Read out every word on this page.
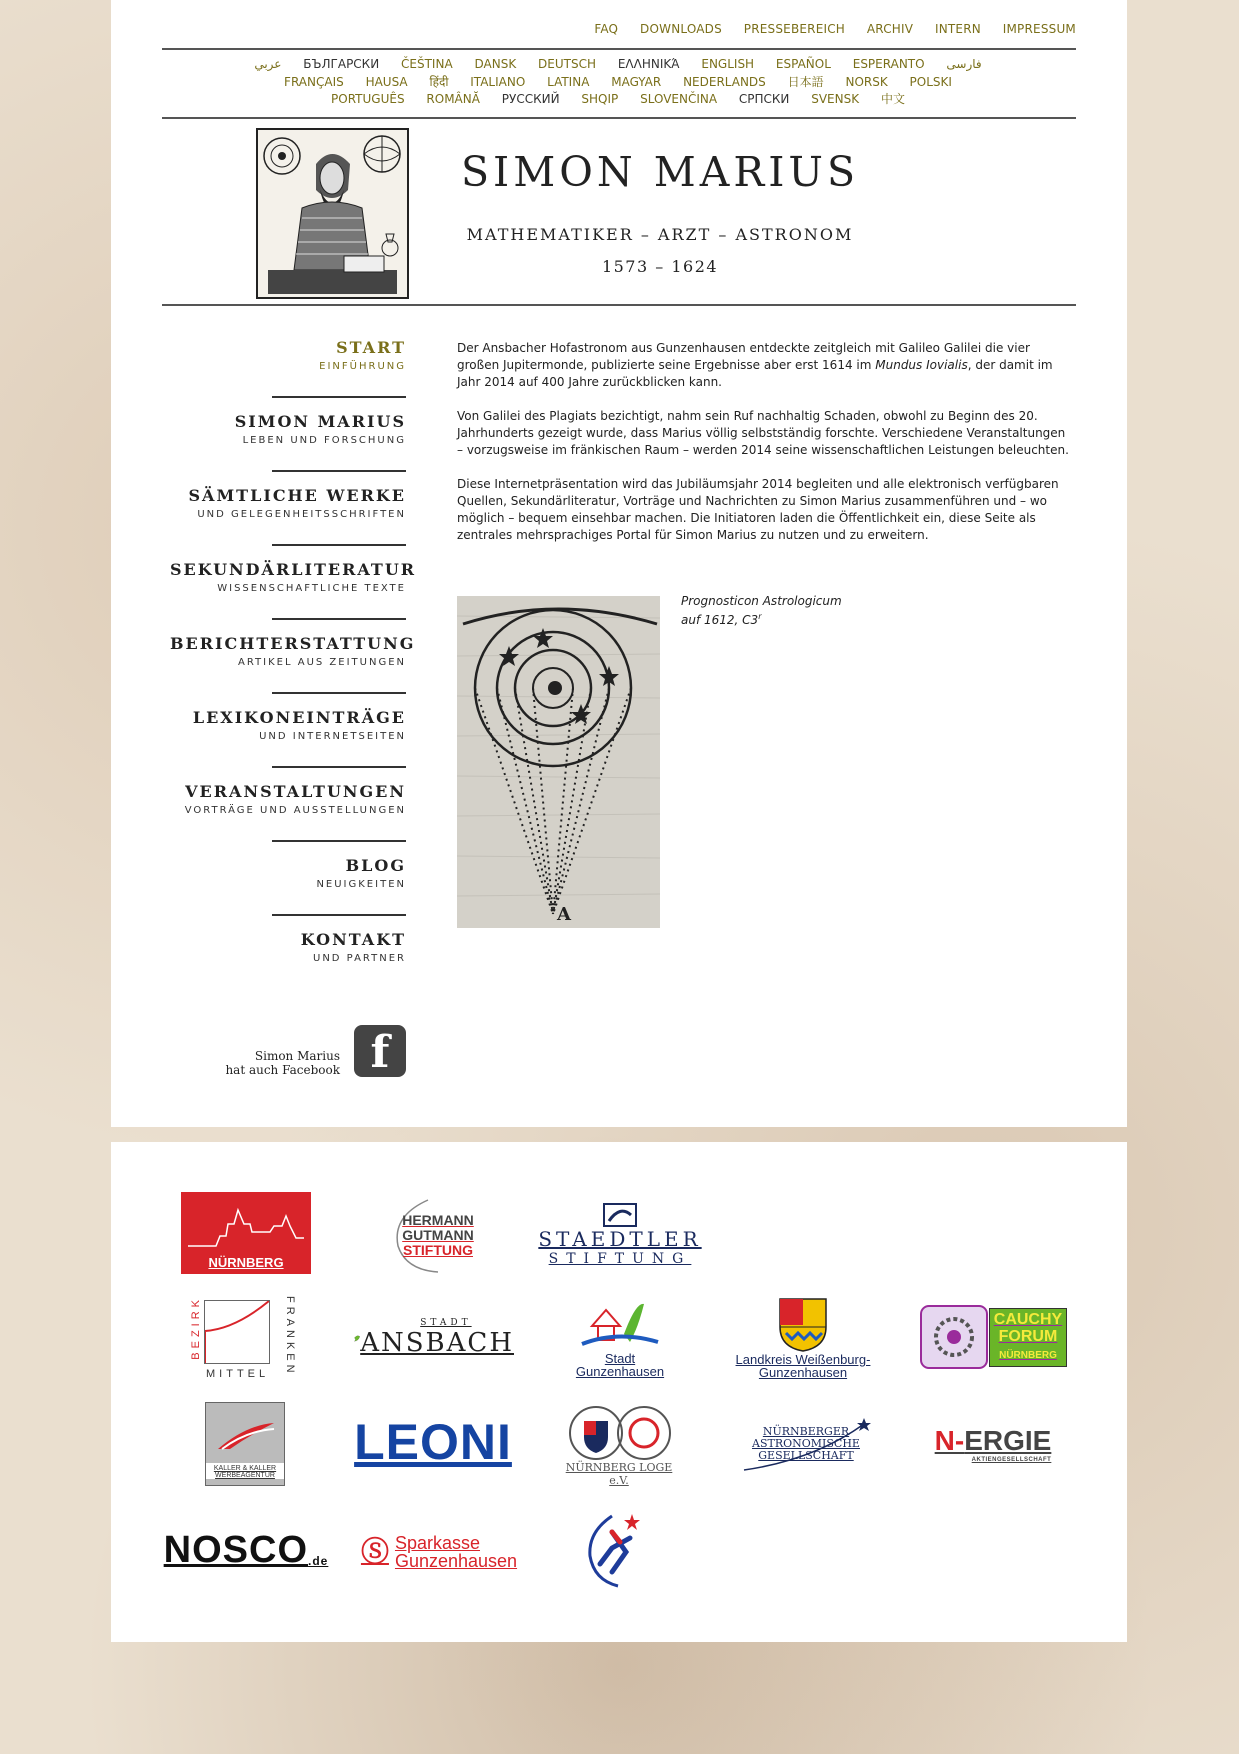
FAQ DOWNLOADS PRESSEBEREICH ARCHIV INTERN IMPRESSUM
عربي БЪЛГАРСКИ ČEŠTINA DANSK DEUTSCH ΕΛΛΗΝΙΚΆ ENGLISH ESPAÑOL ESPERANTO فارسی
FRANÇAIS HAUSA हिंदी ITALIANO LATINA MAGYAR NEDERLANDS 日本語 NORSK POLSKI
PORTUGUÊS ROMÂNĂ РУССКИЙ SHQIP SLOVENČINA СРПСКИ SVENSK 中文
SIMON MARIUS
MATHEMATIKER – ARZT – ASTRONOM
1573 – 1624
START
EINFÜHRUNG
SIMON MARIUS
LEBEN UND FORSCHUNG
SÄMTLICHE WERKE
UND GELEGENHEITSSCHRIFTEN
SEKUNDÄRLITERATUR
WISSENSCHAFTLICHE TEXTE
BERICHTERSTATTUNG
ARTIKEL AUS ZEITUNGEN
LEXIKONEINTRÄGE
UND INTERNETSEITEN
VERANSTALTUNGEN
VORTRÄGE UND AUSSTELLUNGEN
BLOG
NEUIGKEITEN
KONTAKT
UND PARTNER
Simon Marius
hat auch Facebook f

Der Ansbacher Hofastronom aus Gunzenhausen entdeckte zeitgleich mit Galileo Galilei die vier großen Jupitermonde, publizierte seine Ergebnisse aber erst 1614 im Mundus Iovialis, der damit im Jahr 2014 auf 400 Jahre zurückblicken kann.

Von Galilei des Plagiats bezichtigt, nahm sein Ruf nachhaltig Schaden, obwohl zu Beginn des 20. Jahrhunderts gezeigt wurde, dass Marius völlig selbstständig forschte. Verschiedene Veranstaltungen – vorzugsweise im fränkischen Raum – werden 2014 seine wissenschaftlichen Leistungen beleuchten.

Diese Internetpräsentation wird das Jubiläumsjahr 2014 begleiten und alle elektronisch verfügbaren Quellen, Sekundärliteratur, Vorträge und Nachrichten zu Simon Marius zusammenführen und – wo möglich – bequem einsehbar machen. Die Initiatoren laden die Öffentlichkeit ein, diese Seite als zentrales mehrsprachiges Portal für Simon Marius zu nutzen und zu erweitern.

A
Prognosticon Astrologicum
auf 1612, C3$^r$
NÜRNBERG
HERMANN
GUTMANN
STIFTUNG	STAEDTLER
STIFTUNG
BEZIRK
MITTEL FRANKEN	STADT
ANSBACH
Stadt
Gunzenhausen
Landkreis Weißenburg-
Gunzenhausen
CAUCHY
FORUM
NÜRNBERG
KALLER & KALLER
WERBEAGENTUR
LEONI	NÜRNBERG LOGE e.V.
NÜRNBERGER
ASTRONOMISCHE GESELLSCHAFT	N-ERGIE
AKTIENGESELLSCHAFT
NOSCO .de Ⓢ Sparkasse
Gunzenhausen
